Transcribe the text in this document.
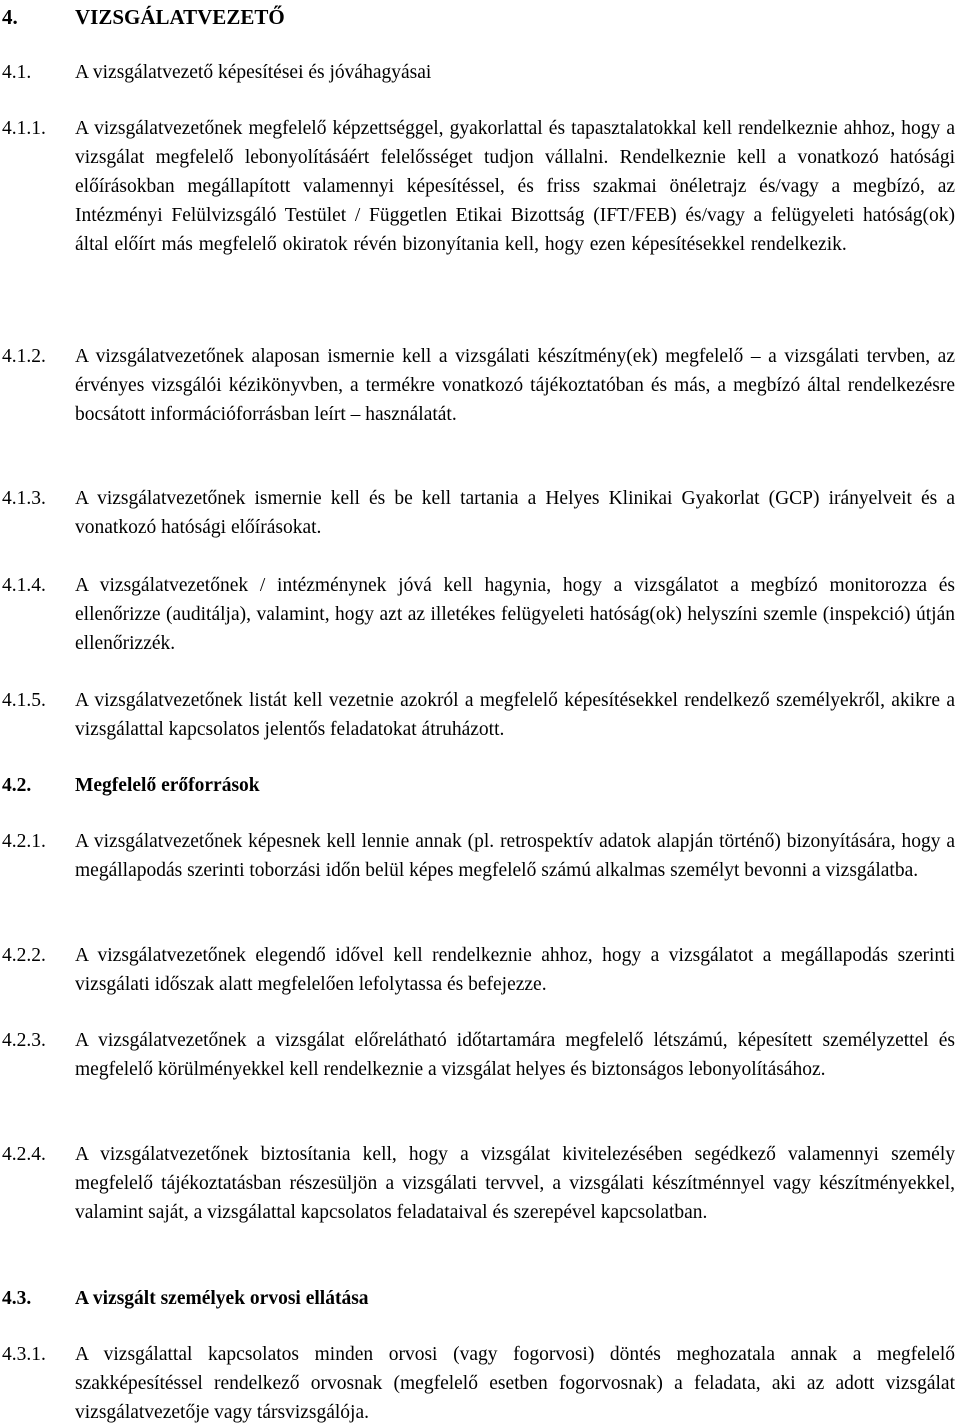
4.	VIZSGÁLATVEZETŐ
4.1. A vizsgálatvezető képesítései és jóváhagyásai
4.1.1. A vizsgálatvezetőnek megfelelő képzettséggel, gyakorlattal és tapasztalatokkal kell rendelkeznie ahhoz, hogy a vizsgálat megfelelő lebonyolításáért felelősséget tudjon vállalni. Rendelkeznie kell a vonatkozó hatósági előírásokban megállapított valamennyi képesítéssel, és friss szakmai önéletrajz és/vagy a megbízó, az Intézményi Felülvizsgáló Testület / Független Etikai Bizottság (IFT/FEB) és/vagy a felügyeleti hatóság(ok) által előírt más megfelelő okiratok révén bizonyítania kell, hogy ezen képesítésekkel rendelkezik.
4.1.2. A vizsgálatvezetőnek alaposan ismernie kell a vizsgálati készítmény(ek) megfelelő – a vizsgálati tervben, az érvényes vizsgálói kézikönyvben, a termékre vonatkozó tájékoztatóban és más, a megbízó által rendelkezésre bocsátott információforrásban leírt – használatát.
4.1.3. A vizsgálatvezetőnek ismernie kell és be kell tartania a Helyes Klinikai Gyakorlat (GCP) irányelveit és a vonatkozó hatósági előírásokat.
4.1.4. A vizsgálatvezetőnek / intézménynek jóvá kell hagynia, hogy a vizsgálatot a megbízó monitorozza és ellenőrizze (auditálja), valamint, hogy azt az illetékes felügyeleti hatóság(ok) helyszíni szemle (inspekció) útján ellenőrizzék.
4.1.5. A vizsgálatvezetőnek listát kell vezetnie azokról a megfelelő képesítésekkel rendelkező személyekről, akikre a vizsgálattal kapcsolatos jelentős feladatokat átruházott.
4.2. Megfelelő erőforrások
4.2.1. A vizsgálatvezetőnek képesnek kell lennie annak (pl. retrospektív adatok alapján történő) bizonyítására, hogy a megállapodás szerinti toborzási időn belül képes megfelelő számú alkalmas személyt bevonni a vizsgálatba.
4.2.2. A vizsgálatvezetőnek elegendő idővel kell rendelkeznie ahhoz, hogy a vizsgálatot a megállapodás szerinti vizsgálati időszak alatt megfelelően lefolytassa és befejezze.
4.2.3. A vizsgálatvezetőnek a vizsgálat előrelátható időtartamára megfelelő létszámú, képesített személyzettel és megfelelő körülményekkel kell rendelkeznie a vizsgálat helyes és biztonságos lebonyolításához.
4.2.4. A vizsgálatvezetőnek biztosítania kell, hogy a vizsgálat kivitelezésében segédkező valamennyi személy megfelelő tájékoztatásban részesüljön a vizsgálati tervvel, a vizsgálati készítménnyel vagy készítményekkel, valamint saját, a vizsgálattal kapcsolatos feladataival és szerepével kapcsolatban.
4.3. A vizsgált személyek orvosi ellátása
4.3.1. A vizsgálattal kapcsolatos minden orvosi (vagy fogorvosi) döntés meghozatala annak a megfelelő szakképesítéssel rendelkező orvosnak (megfelelő esetben fogorvosnak) a feladata, aki az adott vizsgálat vizsgálatvezetője vagy társvizsgálója.
